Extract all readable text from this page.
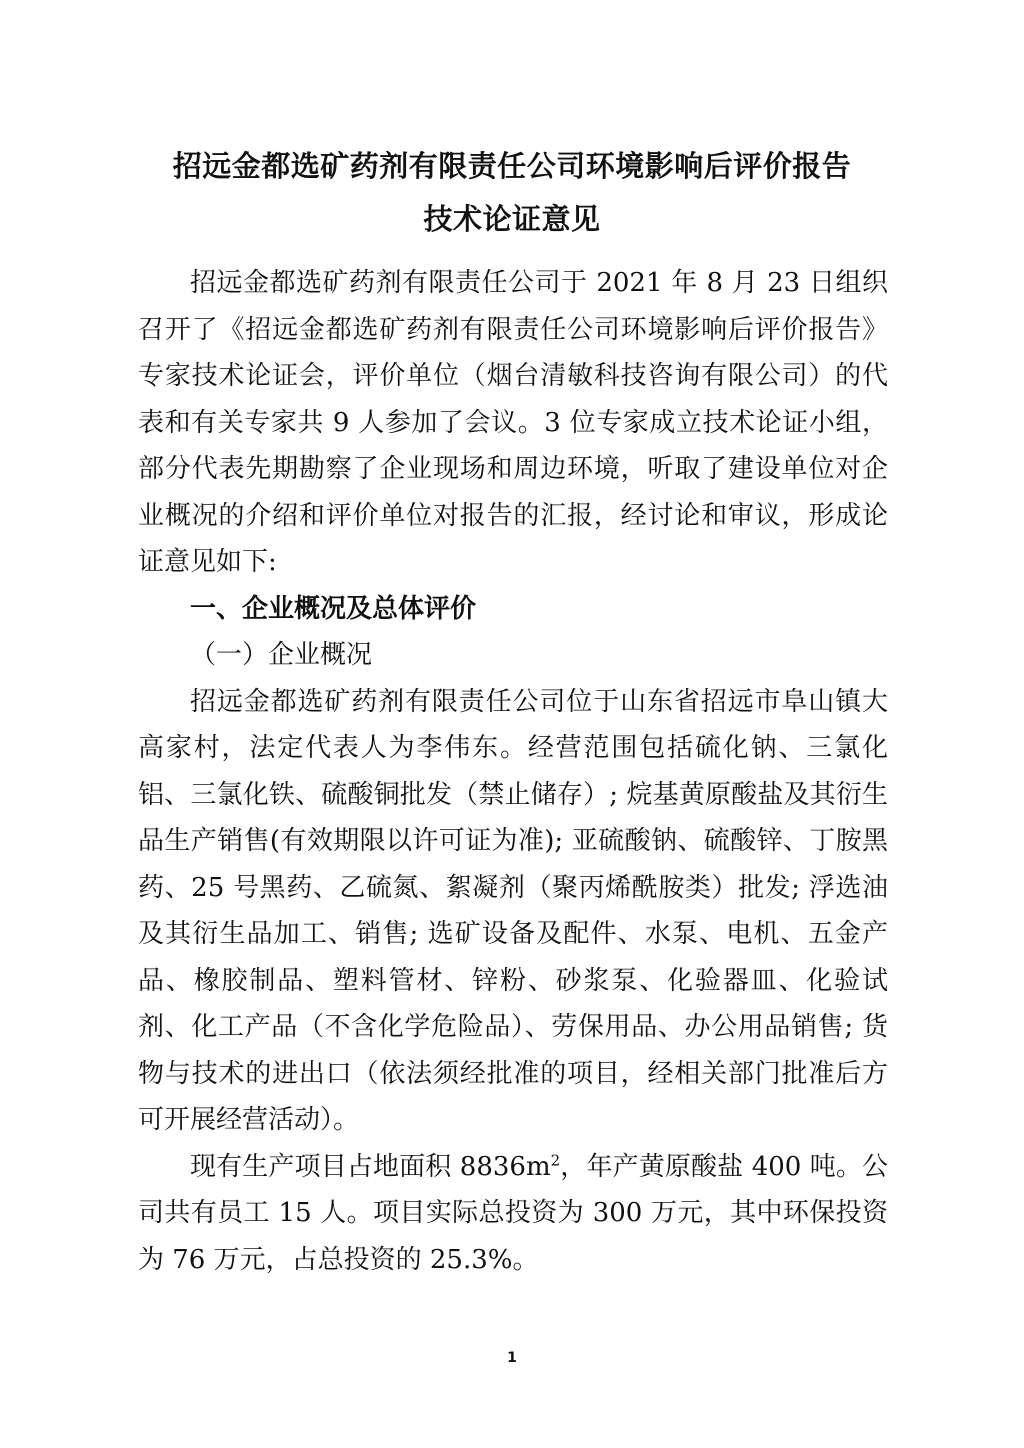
招远金都选矿药剂有限责任公司环境影响后评价报告
技术论证意见

招远金都选矿药剂有限责任公司于 2021 年 8 月 23 日组织召开了《招远金都选矿药剂有限责任公司环境影响后评价报告》专家技术论证会，评价单位（烟台清敏科技咨询有限公司）的代表和有关专家共 9 人参加了会议。3 位专家成立技术论证小组，部分代表先期勘察了企业现场和周边环境，听取了建设单位对企业概况的介绍和评价单位对报告的汇报，经讨论和审议，形成论证意见如下:

一、企业概况及总体评价

（一）企业概况

招远金都选矿药剂有限责任公司位于山东省招远市阜山镇大高家村，法定代表人为李伟东。经营范围包括硫化钠、三氯化铝、三氯化铁、硫酸铜批发（禁止储存）; 烷基黄原酸盐及其衍生品生产销售(有效期限以许可证为准); 亚硫酸钠、硫酸锌、丁胺黑药、25 号黑药、乙硫氮、絮凝剂（聚丙烯酰胺类）批发; 浮选油及其衍生品加工、销售; 选矿设备及配件、水泵、电机、五金产品、橡胶制品、塑料管材、锌粉、砂浆泵、化验器皿、化验试剂、化工产品（不含化学危险品）、劳保用品、办公用品销售; 货物与技术的进出口（依法须经批准的项目，经相关部门批准后方可开展经营活动）。

现有生产项目占地面积 $8836m^2$，年产黄原酸盐 400 吨。公司共有员工 15 人。项目实际总投资为 300 万元，其中环保投资为 76 万元，占总投资的 25.3%。

1
